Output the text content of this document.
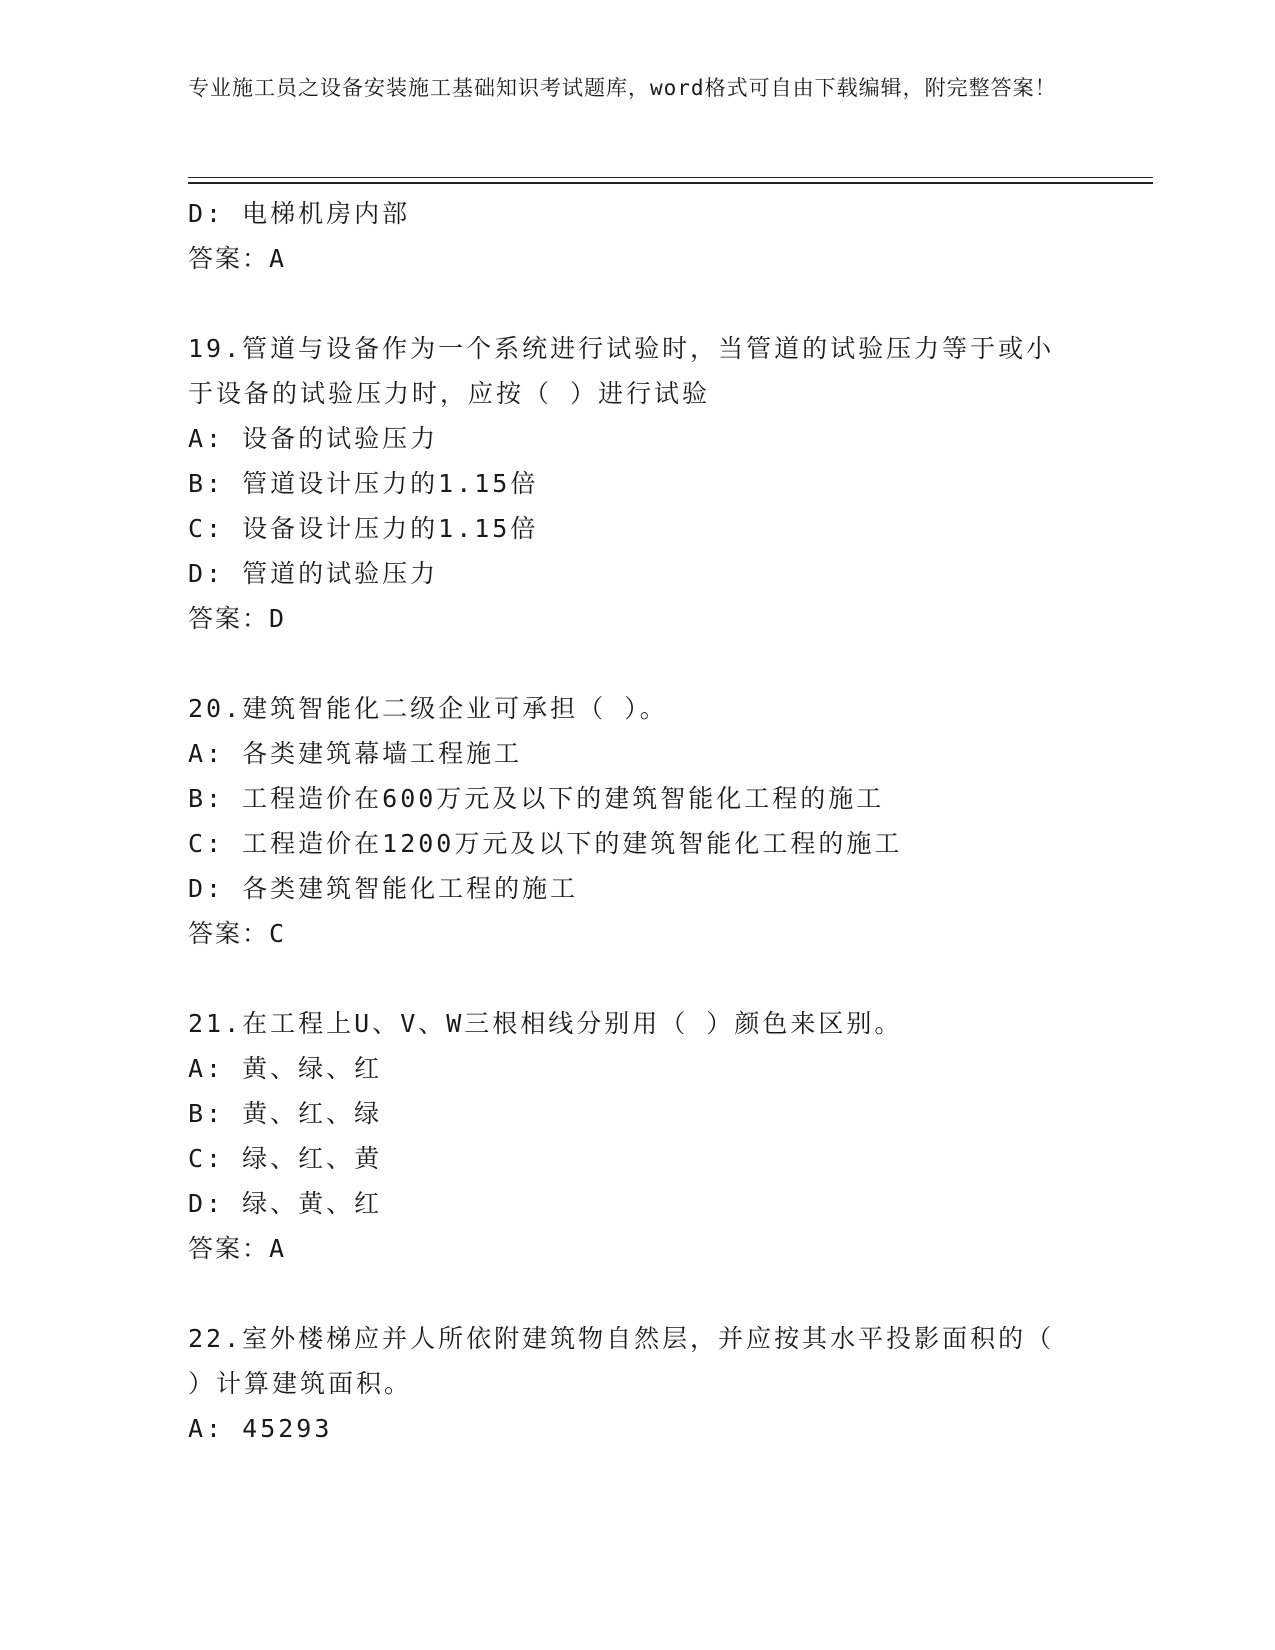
专业施工员之设备安装施工基础知识考试题库，word格式可自由下载编辑，附完整答案！
D: 电梯机房内部
答案：A
19.管道与设备作为一个系统进行试验时，当管道的试验压力等于或小于设备的试验压力时，应按（ ）进行试验
A: 设备的试验压力
B: 管道设计压力的1.15倍
C: 设备设计压力的1.15倍
D: 管道的试验压力
答案：D
20.建筑智能化二级企业可承担（ ）。
A: 各类建筑幕墙工程施工
B: 工程造价在600万元及以下的建筑智能化工程的施工
C: 工程造价在1200万元及以下的建筑智能化工程的施工
D: 各类建筑智能化工程的施工
答案：C
21.在工程上U、V、W三根相线分别用（ ）颜色来区别。
A: 黄、绿、红
B: 黄、红、绿
C: 绿、红、黄
D: 绿、黄、红
答案：A
22.室外楼梯应并人所依附建筑物自然层，并应按其水平投影面积的（ ）计算建筑面积。
A: 45293
